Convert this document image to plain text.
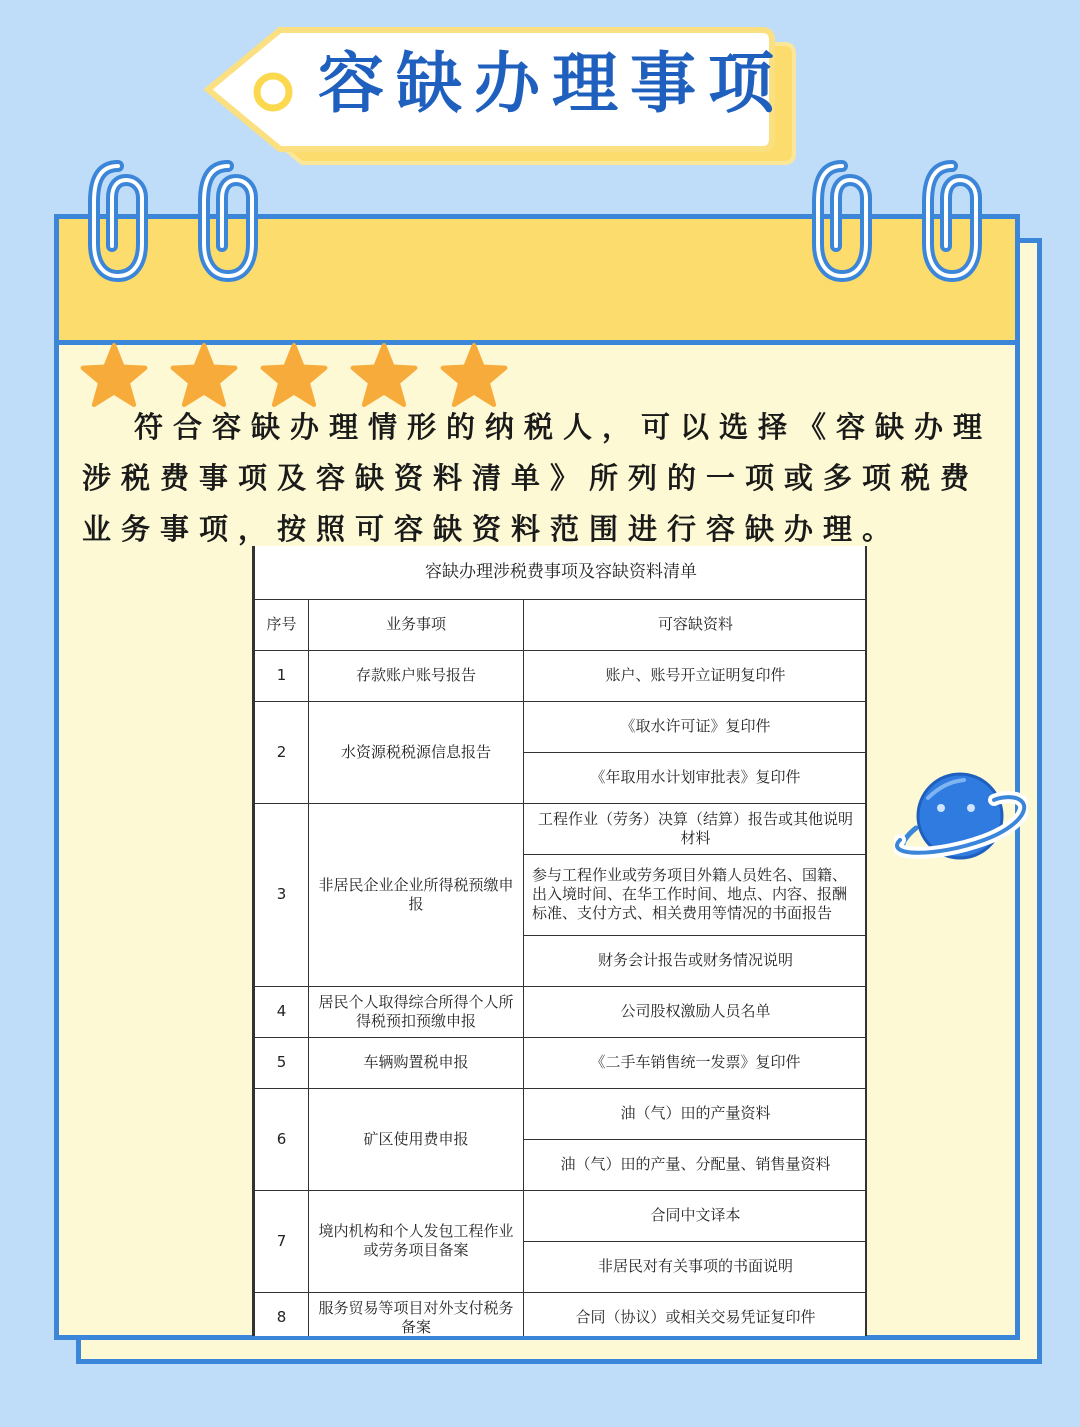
容缺办理事项

符合容缺办理情形的纳税人，可以选择《容缺办理涉税费事项及容缺资料清单》所列的一项或多项税费业务事项，按照可容缺资料范围进行容缺办理。

容缺办理涉税费事项及容缺资料清单		
序号	业务事项	可容缺资料
1	存款账户账号报告	账户、账号开立证明复印件
2	水资源税税源信息报告	《取水许可证》复印件
		《年取用水计划审批表》复印件
3	非居民企业企业所得税预缴申报	工程作业（劳务）决算（结算）报告或其他说明材料
		参与工程作业或劳务项目外籍人员姓名、国籍、出入境时间、在华工作时间、地点、内容、报酬标准、支付方式、相关费用等情况的书面报告
		财务会计报告或财务情况说明
4	居民个人取得综合所得个人所得税预扣预缴申报	公司股权激励人员名单
5	车辆购置税申报	《二手车销售统一发票》复印件
6	矿区使用费申报	油（气）田的产量资料
		油（气）田的产量、分配量、销售量资料
7	境内机构和个人发包工程作业或劳务项目备案	合同中文译本
		非居民对有关事项的书面说明
8	服务贸易等项目对外支付税务备案	合同（协议）或相关交易凭证复印件
